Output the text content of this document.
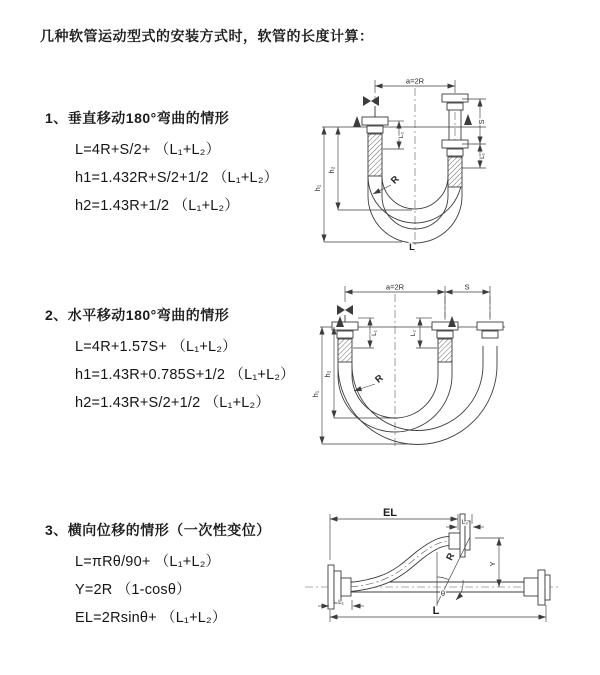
几种软管运动型式的安装方式时，软管的长度计算：
1、垂直移动180°弯曲的情形
L=4R+S/2+ （L₁+L₂）
h1=1.432R+S/2+1/2 （L₁+L₂）
h2=1.43R+1/2 （L₁+L₂）
2、水平移动180°弯曲的情形
L=4R+1.57S+ （L₁+L₂）
h1=1.43R+0.785S+1/2 （L₁+L₂）
h2=1.43R+S/2+1/2 （L₁+L₂）
3、横向位移的情形（一次性变位）
L=πRθ/90+ （L₁+L₂）
Y=2R （1-cosθ）
EL=2Rsinθ+ （L₁+L₂）
a=2R
h₂
h₁
S
L₁
L₂
R
L
a=2R	S
h₂
h₁
L₁	L₂
R
EL
L₂
Y
R
θ
L₁
L
